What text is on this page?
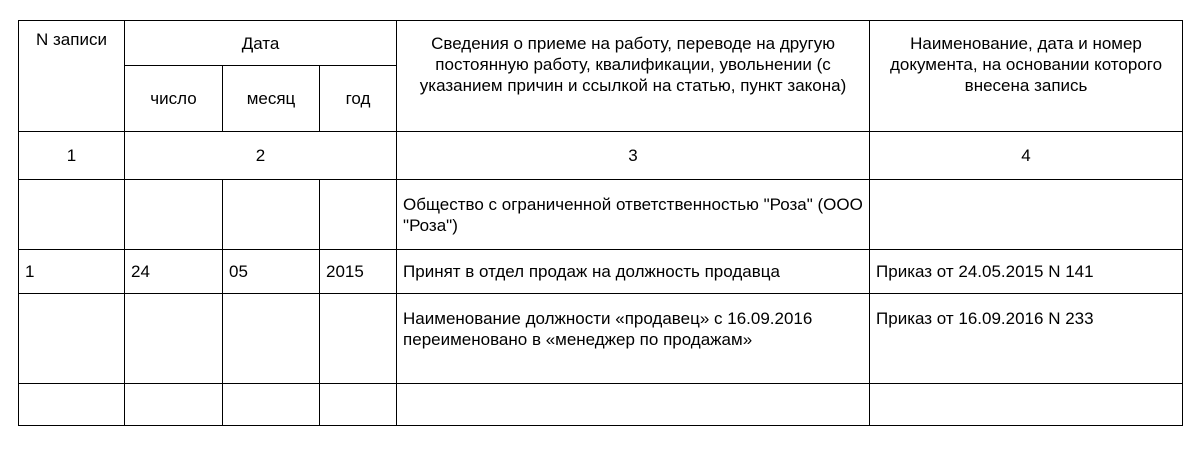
N записи	Дата			Сведения о приеме на работу, переводе на другую постоянную работу, квалификации, увольнении (с указанием причин и ссылкой на статью, пункт закона)	Наименование, дата и номер документа, на основании которого внесена запись
	число	месяц	год		
1	2			3	4
				Общество с ограниченной ответственностью "Роза" (ООО "Роза")	
1	24	05	2015	Принят в отдел продаж на должность продавца	Приказ от 24.05.2015 N 141
				Наименование должности «продавец» с 16.09.2016 переименовано в «менеджер по продажам»	Приказ от 16.09.2016 N 233
